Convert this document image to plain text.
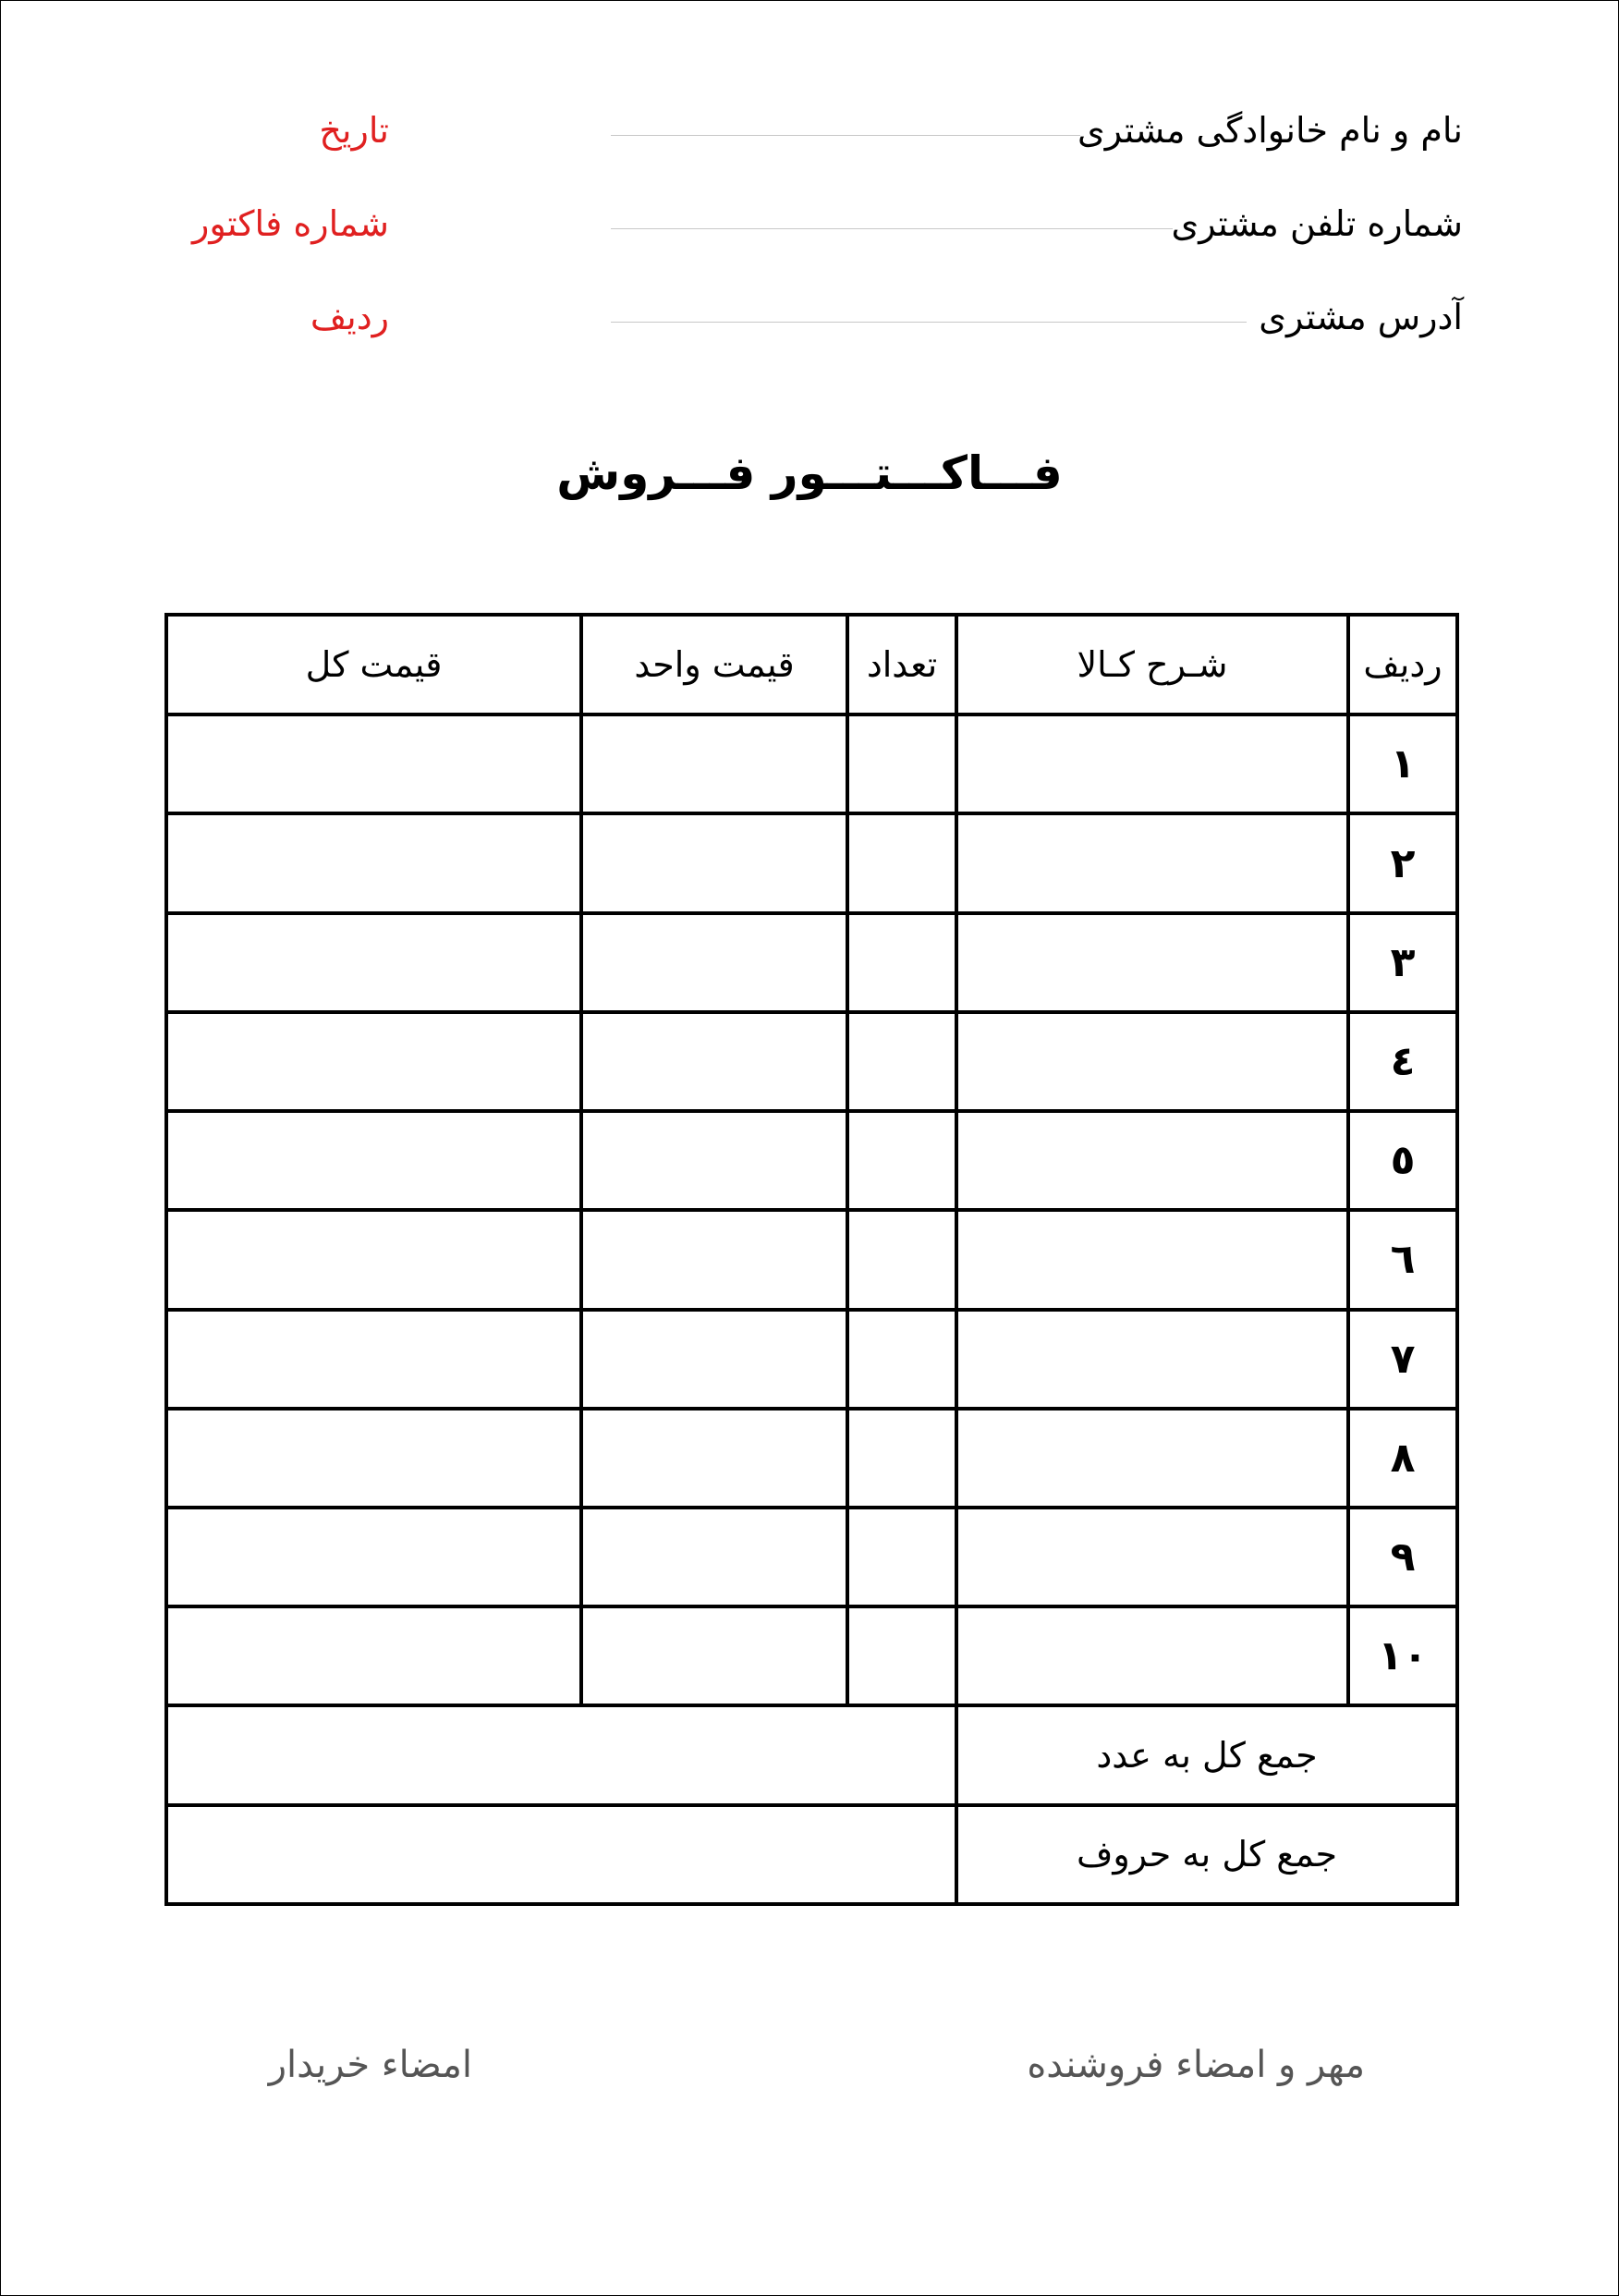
نام و نام خانوادگی مشتری
شماره تلفن مشتری
آدرس مشتری
تاریخ
شماره فاکتور
ردیف
فـــاکـــتـــور فـــروش
ردیف	شـرح کـالا	تعداد	قیمت واحد	قیمت کل
۱				
۲				
۳				
٤				
٥				
٦				
۷				
۸				
۹				
۱۰				
جمع کل به عدد				
جمع کل به حروف				
مهر و امضاء فروشنده
امضاء خریدار
